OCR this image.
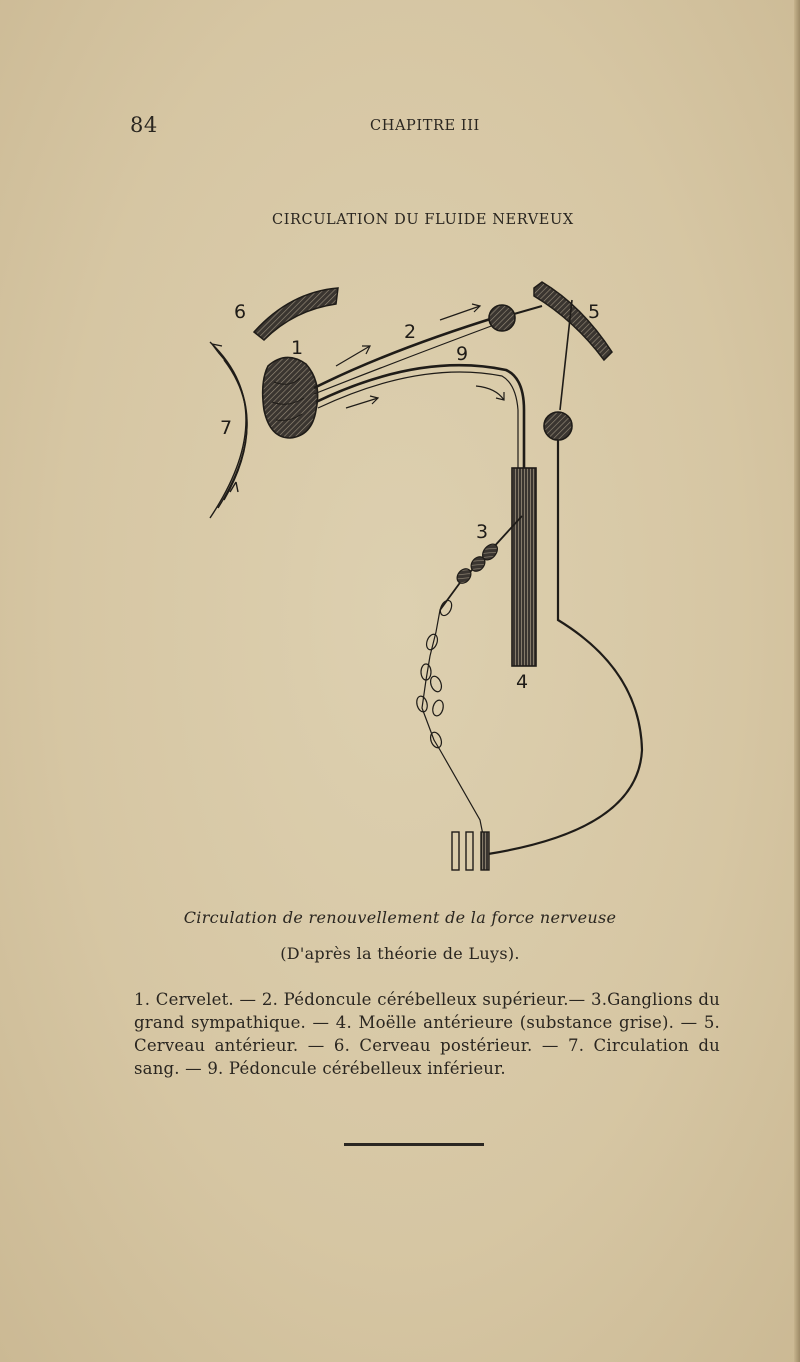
84	CHAPITRE III
CIRCULATION DU FLUIDE NERVEUX
6
1
2
9
5
7
3
4
Circulation de renouvellement de la force nerveuse
(D'après la théorie de Luys).
1. Cervelet. — 2. Pédoncule cérébelleux supérieur.— 3.Ganglions du grand sympathique. — 4. Moëlle antérieure (substance grise). — 5. Cerveau antérieur. — 6. Cerveau postérieur. — 7. Circulation du sang. — 9. Pédoncule cérébelleux inférieur.
